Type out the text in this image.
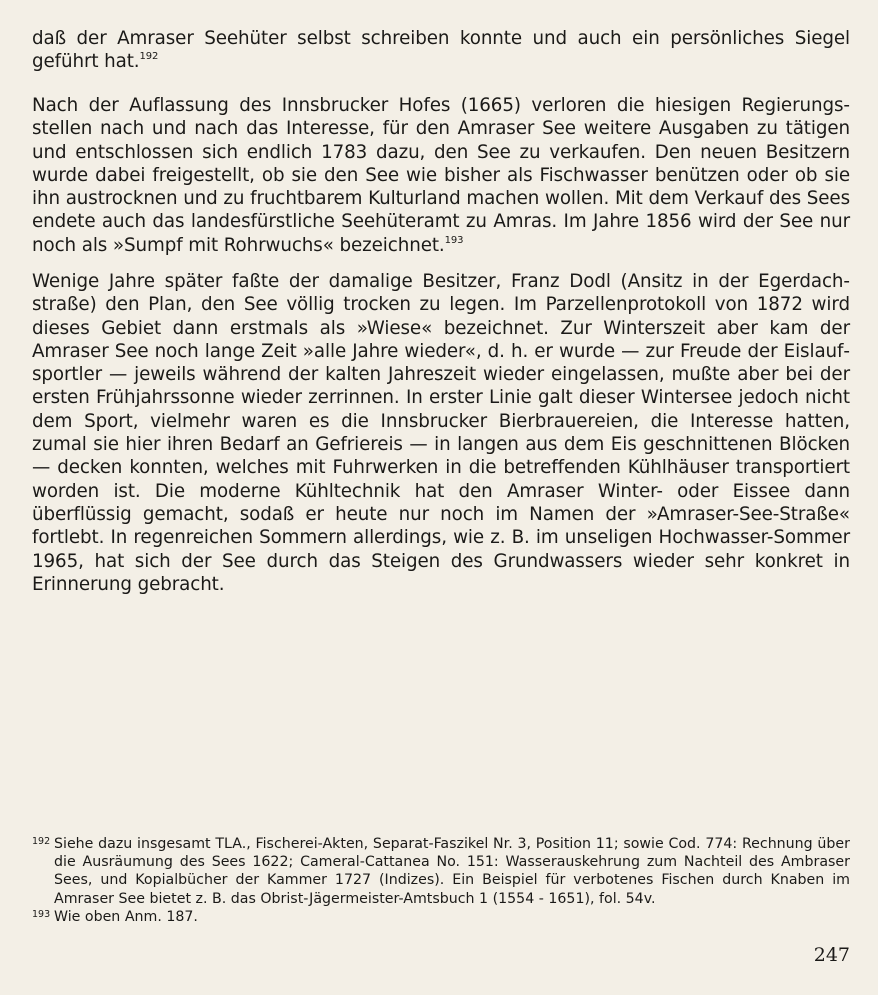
daß der Amraser Seehüter selbst schreiben konnte und auch ein persönliches Siegel geführt hat.$^{192}$

Nach der Auflassung des Innsbrucker Hofes (1665) verloren die hiesigen Regierungsstellen nach und nach das Interesse, für den Amraser See weitere Ausgaben zu tätigen und entschlossen sich endlich 1783 dazu, den See zu verkaufen. Den neuen Besitzern wurde dabei freigestellt, ob sie den See wie bisher als Fischwasser benützen oder ob sie ihn austrocknen und zu fruchtbarem Kulturland machen wollen. Mit dem Verkauf des Sees endete auch das landesfürstliche Seehüteramt zu Amras. Im Jahre 1856 wird der See nur noch als »Sumpf mit Rohrwuchs« bezeichnet.$^{193}$

Wenige Jahre später faßte der damalige Besitzer, Franz Dodl (Ansitz in der Egerdachstraße) den Plan, den See völlig trocken zu legen. Im Parzellenprotokoll von 1872 wird dieses Gebiet dann erstmals als »Wiese« bezeichnet. Zur Winterszeit aber kam der Amraser See noch lange Zeit »alle Jahre wieder«, d. h. er wurde — zur Freude der Eislaufsportler — jeweils während der kalten Jahreszeit wieder eingelassen, mußte aber bei der ersten Frühjahrssonne wieder zerrinnen. In erster Linie galt dieser Wintersee jedoch nicht dem Sport, vielmehr waren es die Innsbrucker Bierbrauereien, die Interesse hatten, zumal sie hier ihren Bedarf an Gefriereis — in langen aus dem Eis geschnittenen Blöcken — decken konnten, welches mit Fuhrwerken in die betreffenden Kühlhäuser transportiert worden ist. Die moderne Kühltechnik hat den Amraser Winter- oder Eissee dann überflüssig gemacht, sodaß er heute nur noch im Namen der »Amraser-See-Straße« fortlebt. In regenreichen Sommern allerdings, wie z. B. im unseligen Hochwasser-Sommer 1965, hat sich der See durch das Steigen des Grundwassers wieder sehr konkret in Erinnerung gebracht.

192 Siehe dazu insgesamt TLA., Fischerei-Akten, Separat-Faszikel Nr. 3, Position 11; sowie Cod. 774: Rechnung über die Ausräumung des Sees 1622; Cameral-Cattanea No. 151: Wasserauskehrung zum Nachteil des Ambraser Sees, und Kopialbücher der Kammer 1727 (Indizes). Ein Beispiel für verbotenes Fischen durch Knaben im Amraser See bietet z. B. das Obrist-Jägermeister-Amtsbuch 1 (1554 - 1651), fol. 54v.
193 Wie oben Anm. 187.
247
